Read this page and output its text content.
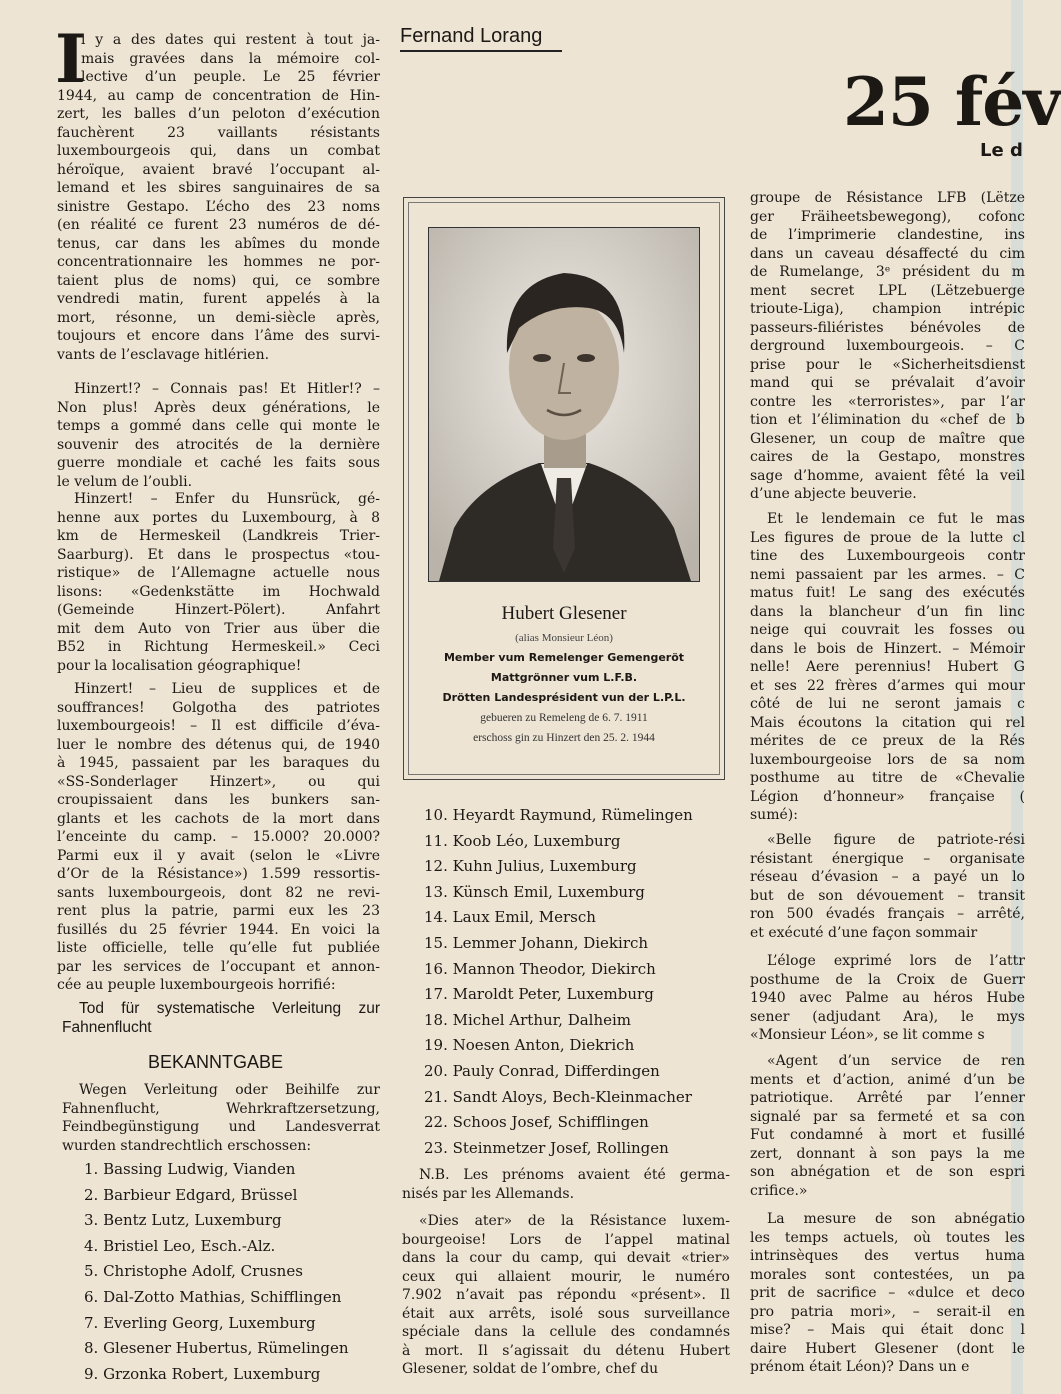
I
l y a des dates qui restent à tout ja-
mais gravées dans la mémoire col-
lective d’un peuple. Le 25 février
1944, au camp de concentration de Hin-
zert, les balles d’un peloton d’exécution
fauchèrent 23 vaillants résistants
luxembourgeois qui, dans un combat
héroïque, avaient bravé l’occupant al-
lemand et les sbires sanguinaires de sa
sinistre Gestapo. L’écho des 23 noms
(en réalité ce furent 23 numéros de dé-
tenus, car dans les abîmes du monde
concentrationnaire les hommes ne por-
taient plus de noms) qui, ce sombre
vendredi matin, furent appelés à la
mort, résonne, un demi-siècle après,
toujours et encore dans l’âme des survi-
vants de l’esclavage hitlérien.
Hinzert!? – Connais pas! Et Hitler!? –
Non plus! Après deux générations, le
temps a gommé dans celle qui monte le
souvenir des atrocités de la dernière
guerre mondiale et caché les faits sous
le velum de l’oubli.
Hinzert! – Enfer du Hunsrück, gé-
henne aux portes du Luxembourg, à 8
km de Hermeskeil (Landkreis Trier-
Saarburg). Et dans le prospectus «tou-
ristique» de l’Allemagne actuelle nous
lisons: «Gedenkstätte im Hochwald
(Gemeinde Hinzert-Pölert). Anfahrt
mit dem Auto von Trier aus über die
B52 in Richtung Hermeskeil.» Ceci
pour la localisation géographique!
Hinzert! – Lieu de supplices et de
souffrances! Golgotha des patriotes
luxembourgeois! – Il est difficile d’éva-
luer le nombre des détenus qui, de 1940
à 1945, passaient par les baraques du
«SS-Sonderlager Hinzert», ou qui
croupissaient dans les bunkers san-
glants et les cachots de la mort dans
l’enceinte du camp. – 15.000? 20.000?
Parmi eux il y avait (selon le «Livre
d’Or de la Résistance») 1.599 ressortis-
sants luxembourgeois, dont 82 ne revi-
rent plus la patrie, parmi eux les 23
fusillés du 25 février 1944. En voici la
liste officielle, telle qu’elle fut publiée
par les services de l’occupant et annon-
cée au peuple luxembourgeois horrifié:
Tod für systematische Verleitung zur
Fahnenflucht
BEKANNTGABE
Wegen Verleitung oder Beihilfe zur
Fahnenflucht, Wehrkraftzersetzung,
Feindbegünstigung und Landesverrat
wurden standrechtlich erschossen:
1. Bassing Ludwig, Vianden
2. Barbieur Edgard, Brüssel
3. Bentz Lutz, Luxemburg
4. Bristiel Leo, Esch.-Alz.
5. Christophe Adolf, Crusnes
6. Dal-Zotto Mathias, Schifflingen
7. Everling Georg, Luxemburg
8. Glesener Hubertus, Rümelingen
9. Grzonka Robert, Luxemburg
Fernand Lorang
Hubert Glesener
(alias Monsieur Léon)
Member vum Remelenger Gemengeröt
Mattgrönner vum L.F.B.
Drötten Landesprésident vun der L.P.L.
gebueren zu Remeleng de 6. 7. 1911
erschoss gin zu Hinzert den 25. 2. 1944
10. Heyardt Raymund, Rümelingen
11. Koob Léo, Luxemburg
12. Kuhn Julius, Luxemburg
13. Künsch Emil, Luxemburg
14. Laux Emil, Mersch
15. Lemmer Johann, Diekirch
16. Mannon Theodor, Diekirch
17. Maroldt Peter, Luxemburg
18. Michel Arthur, Dalheim
19. Noesen Anton, Diekrich
20. Pauly Conrad, Differdingen
21. Sandt Aloys, Bech-Kleinmacher
22. Schoos Josef, Schifflingen
23. Steinmetzer Josef, Rollingen
N.B. Les prénoms avaient été germa-
nisés par les Allemands.
«Dies ater» de la Résistance luxem-
bourgeoise! Lors de l’appel matinal
dans la cour du camp, qui devait «trier»
ceux qui allaient mourir, le numéro
7.902 n’avait pas répondu «présent». Il
était aux arrêts, isolé sous surveillance
spéciale dans la cellule des condamnés
à mort. Il s’agissait du détenu Hubert
Glesener, soldat de l’ombre, chef du
25 fév
Le d
groupe de Résistance LFB (Lëtze
ger Fräiheetsbewegong), cofonc
de l’imprimerie clandestine, ins
dans un caveau désaffecté du cim
de Rumelange, 3ᵉ président du m
ment secret LPL (Lëtzebuerge
trioute-Liga), champion intrépic
passeurs-filiéristes bénévoles de
derground luxembourgeois. – C
prise pour le «Sicherheitsdienst
mand qui se prévalait d’avoir
contre les «terroristes», par l’ar
tion et l’élimination du «chef de b
Glesener, un coup de maître que
caires de la Gestapo, monstres
sage d’homme, avaient fêté la veil
d’une abjecte beuverie.
Et le lendemain ce fut le mas
Les figures de proue de la lutte cl
tine des Luxembourgeois contr
nemi passaient par les armes. – C
matus fuit! Le sang des exécutés
dans la blancheur d’un fin linc
neige qui couvrait les fosses ou
dans le bois de Hinzert. – Mémoir
nelle! Aere perennius! Hubert G
et ses 22 frères d’armes qui mour
côté de lui ne seront jamais c
Mais écoutons la citation qui rel
mérites de ce preux de la Rés
luxembourgeoise lors de sa nom
posthume au titre de «Chevalie
Légion d’honneur» française (
sumé):
«Belle figure de patriote-rési
résistant énergique – organisate
réseau d’évasion – a payé un lo
but de son dévouement – transit
ron 500 évadés français – arrêté,
et exécuté d’une façon sommair
L’éloge exprimé lors de l’attr
posthume de la Croix de Guerr
1940 avec Palme au héros Hube
sener (adjudant Ara), le mys
«Monsieur Léon», se lit comme s
«Agent d’un service de ren
ments et d’action, animé d’un be
patriotique. Arrêté par l’enner
signalé par sa fermeté et sa con
Fut condamné à mort et fusillé
zert, donnant à son pays la me
son abnégation et de son espri
crifice.»
La mesure de son abnégatio
les temps actuels, où toutes les
intrinsèques des vertus huma
morales sont contestées, un pa
prit de sacrifice – «dulce et deco
pro patria mori», – serait-il en
mise? – Mais qui était donc l
daire Hubert Glesener (dont le
prénom était Léon)? Dans un e
